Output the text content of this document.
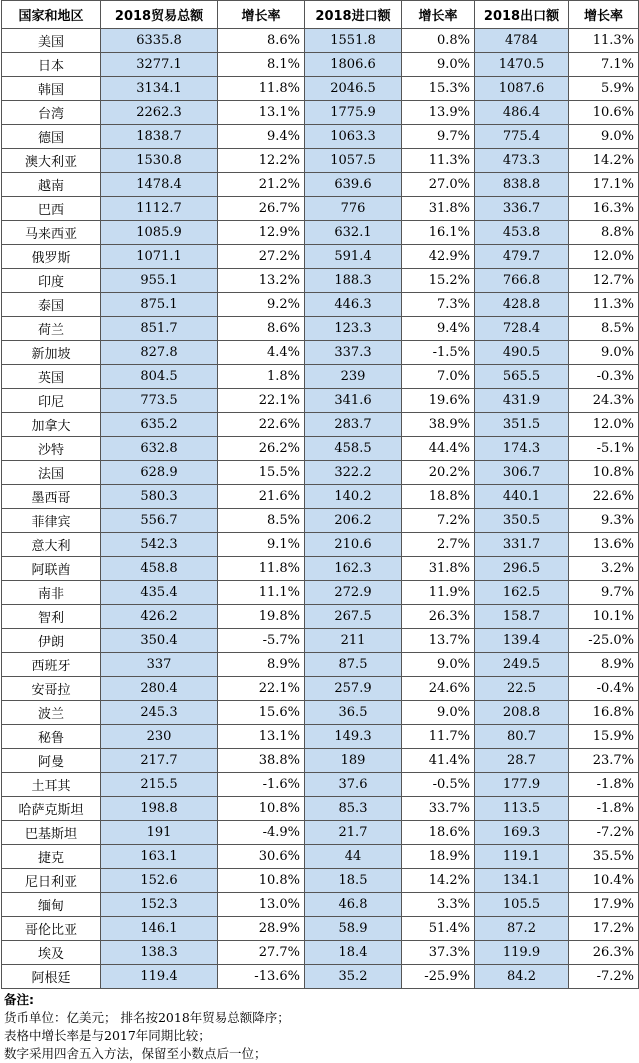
国家和地区	2018贸易总额	增长率	2018进口额	增长率	2018出口额	增长率
美国	6335.8	8.6%	1551.8	0.8%	4784	11.3%
日本	3277.1	8.1%	1806.6	9.0%	1470.5	7.1%
韩国	3134.1	11.8%	2046.5	15.3%	1087.6	5.9%
台湾	2262.3	13.1%	1775.9	13.9%	486.4	10.6%
德国	1838.7	9.4%	1063.3	9.7%	775.4	9.0%
澳大利亚	1530.8	12.2%	1057.5	11.3%	473.3	14.2%
越南	1478.4	21.2%	639.6	27.0%	838.8	17.1%
巴西	1112.7	26.7%	776	31.8%	336.7	16.3%
马来西亚	1085.9	12.9%	632.1	16.1%	453.8	8.8%
俄罗斯	1071.1	27.2%	591.4	42.9%	479.7	12.0%
印度	955.1	13.2%	188.3	15.2%	766.8	12.7%
泰国	875.1	9.2%	446.3	7.3%	428.8	11.3%
荷兰	851.7	8.6%	123.3	9.4%	728.4	8.5%
新加坡	827.8	4.4%	337.3	-1.5%	490.5	9.0%
英国	804.5	1.8%	239	7.0%	565.5	-0.3%
印尼	773.5	22.1%	341.6	19.6%	431.9	24.3%
加拿大	635.2	22.6%	283.7	38.9%	351.5	12.0%
沙特	632.8	26.2%	458.5	44.4%	174.3	-5.1%
法国	628.9	15.5%	322.2	20.2%	306.7	10.8%
墨西哥	580.3	21.6%	140.2	18.8%	440.1	22.6%
菲律宾	556.7	8.5%	206.2	7.2%	350.5	9.3%
意大利	542.3	9.1%	210.6	2.7%	331.7	13.6%
阿联酋	458.8	11.8%	162.3	31.8%	296.5	3.2%
南非	435.4	11.1%	272.9	11.9%	162.5	9.7%
智利	426.2	19.8%	267.5	26.3%	158.7	10.1%
伊朗	350.4	-5.7%	211	13.7%	139.4	-25.0%
西班牙	337	8.9%	87.5	9.0%	249.5	8.9%
安哥拉	280.4	22.1%	257.9	24.6%	22.5	-0.4%
波兰	245.3	15.6%	36.5	9.0%	208.8	16.8%
秘鲁	230	13.1%	149.3	11.7%	80.7	15.9%
阿曼	217.7	38.8%	189	41.4%	28.7	23.7%
土耳其	215.5	-1.6%	37.6	-0.5%	177.9	-1.8%
哈萨克斯坦	198.8	10.8%	85.3	33.7%	113.5	-1.8%
巴基斯坦	191	-4.9%	21.7	18.6%	169.3	-7.2%
捷克	163.1	30.6%	44	18.9%	119.1	35.5%
尼日利亚	152.6	10.8%	18.5	14.2%	134.1	10.4%
缅甸	152.3	13.0%	46.8	3.3%	105.5	17.9%
哥伦比亚	146.1	28.9%	58.9	51.4%	87.2	17.2%
埃及	138.3	27.7%	18.4	37.3%	119.9	26.3%
阿根廷	119.4	-13.6%	35.2	-25.9%	84.2	-7.2%
备注:
货币单位：亿美元； 排名按2018年贸易总额降序；
表格中增长率是与2017年同期比较；
数字采用四舍五入方法，保留至小数点后一位；
